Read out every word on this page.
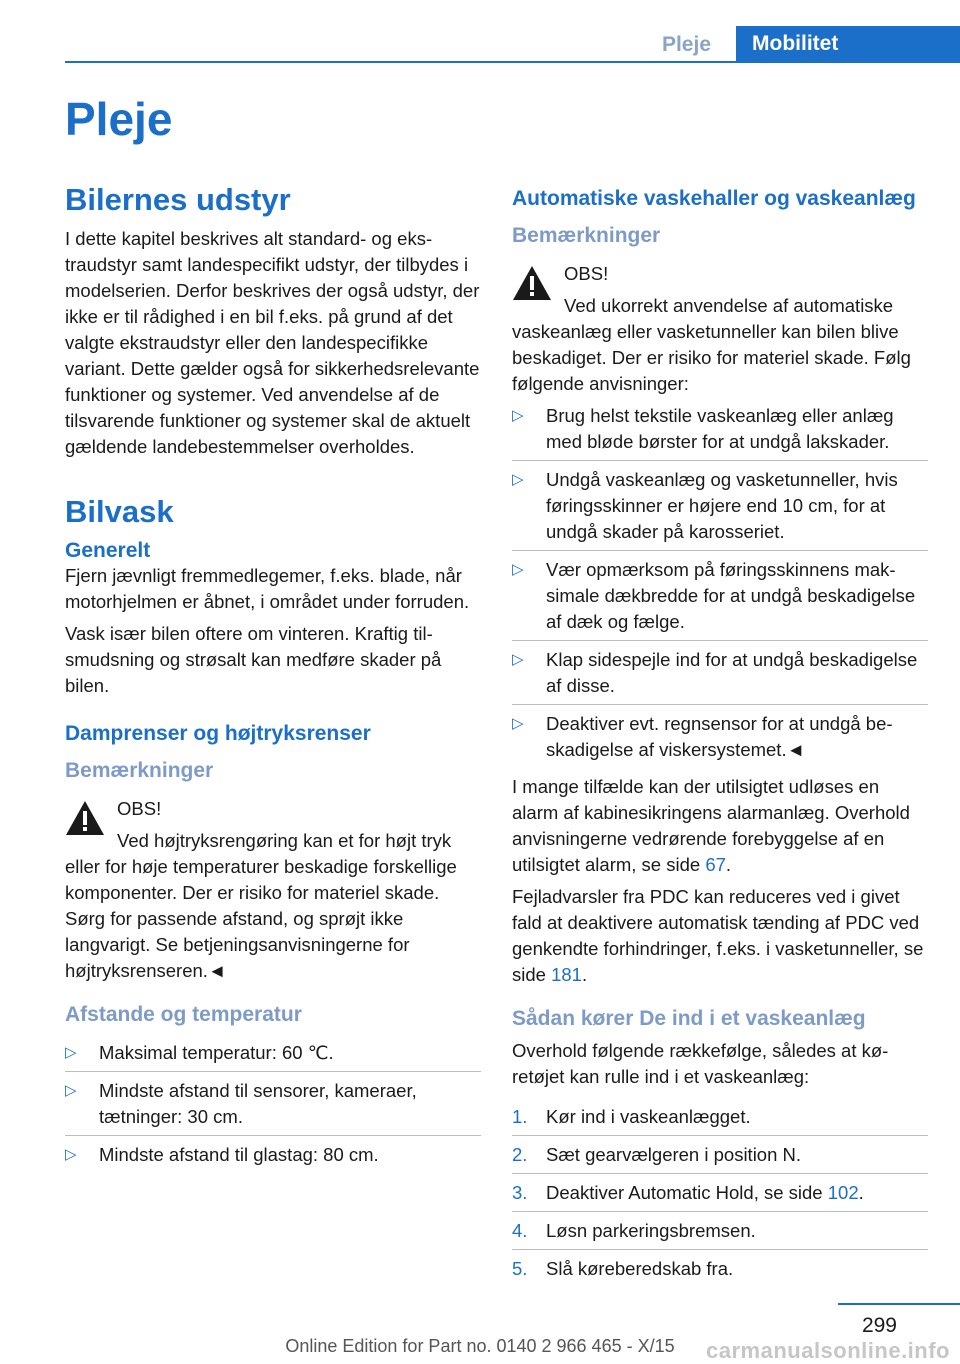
Pleje	Mobilitet
Pleje
Bilernes udstyr

I dette kapitel beskrives alt standard- og ekstraudstyr samt landespecifikt udstyr, der tilbydes i modelserien. Derfor beskrives der også udstyr, der ikke er til rådighed i en bil f.eks. på grund af det valgte ekstraudstyr eller den landespecifikke variant. Dette gælder også for sikkerhedsrelevante funktioner og systemer. Ved anvendelse af de tilsvarende funktioner og systemer skal de aktuelt gældende landebestemmelser overholdes.

Bilvask
Generelt

Fjern jævnligt fremmedlegemer, f.eks. blade, når motorhjelmen er åbnet, i området under forruden.

Vask især bilen oftere om vinteren. Kraftig tilsmudsning og strøsalt kan medføre skader på bilen.

Damprenser og højtryksrenser
Bemærkninger
OBS!

Ved højtryksrengøring kan et for højt tryk eller for høje temperaturer beskadige forskellige komponenter. Der er risiko for materiel skade. Sørg for passende afstand, og sprøjt ikke langvarigt. Se betjeningsanvisningerne for højtryksrenseren.◄

Afstande og temperatur
▷ Maksimal temperatur: 60 ℃.
▷ Mindste afstand til sensorer, kameraer, tætninger: 30 cm.
▷ Mindste afstand til glastag: 80 cm.
Automatiske vaskehaller og vaskeanlæg
Bemærkninger
OBS!

Ved ukorrekt anvendelse af automatiske vaskeanlæg eller vasketunneller kan bilen blive beskadiget. Der er risiko for materiel skade. Følg følgende anvisninger:

▷ Brug helst tekstile vaskeanlæg eller anlæg med bløde børster for at undgå lakskader.
▷ Undgå vaskeanlæg og vasketunneller, hvis føringsskinner er højere end 10 cm, for at undgå skader på karosseriet.
▷ Vær opmærksom på føringsskinnens maksimale dækbredde for at undgå beskadigelse af dæk og fælge.
▷ Klap sidespejle ind for at undgå beskadigelse af disse.
▷ Deaktiver evt. regnsensor for at undgå beskadigelse af viskersystemet.◄

I mange tilfælde kan der utilsigtet udløses en alarm af kabinesikringens alarmanlæg. Overhold anvisningerne vedrørende forebyggelse af en utilsigtet alarm, se side 67.

Fejladvarsler fra PDC kan reduceres ved i givet fald at deaktivere automatisk tænding af PDC ved genkendte forhindringer, f.eks. i vasketunneller, se side 181.

Sådan kører De ind i et vaskeanlæg

Overhold følgende rækkefølge, således at køretøjet kan rulle ind i et vaskeanlæg:

1. Kør ind i vaskeanlægget.
2. Sæt gearvælgeren i position N.
3. Deaktiver Automatic Hold, se side 102.
4. Løsn parkeringsbremsen.
5. Slå køreberedskab fra.
299
Online Edition for Part no. 0140 2 966 465 - X/15	carmanualsonline.info
